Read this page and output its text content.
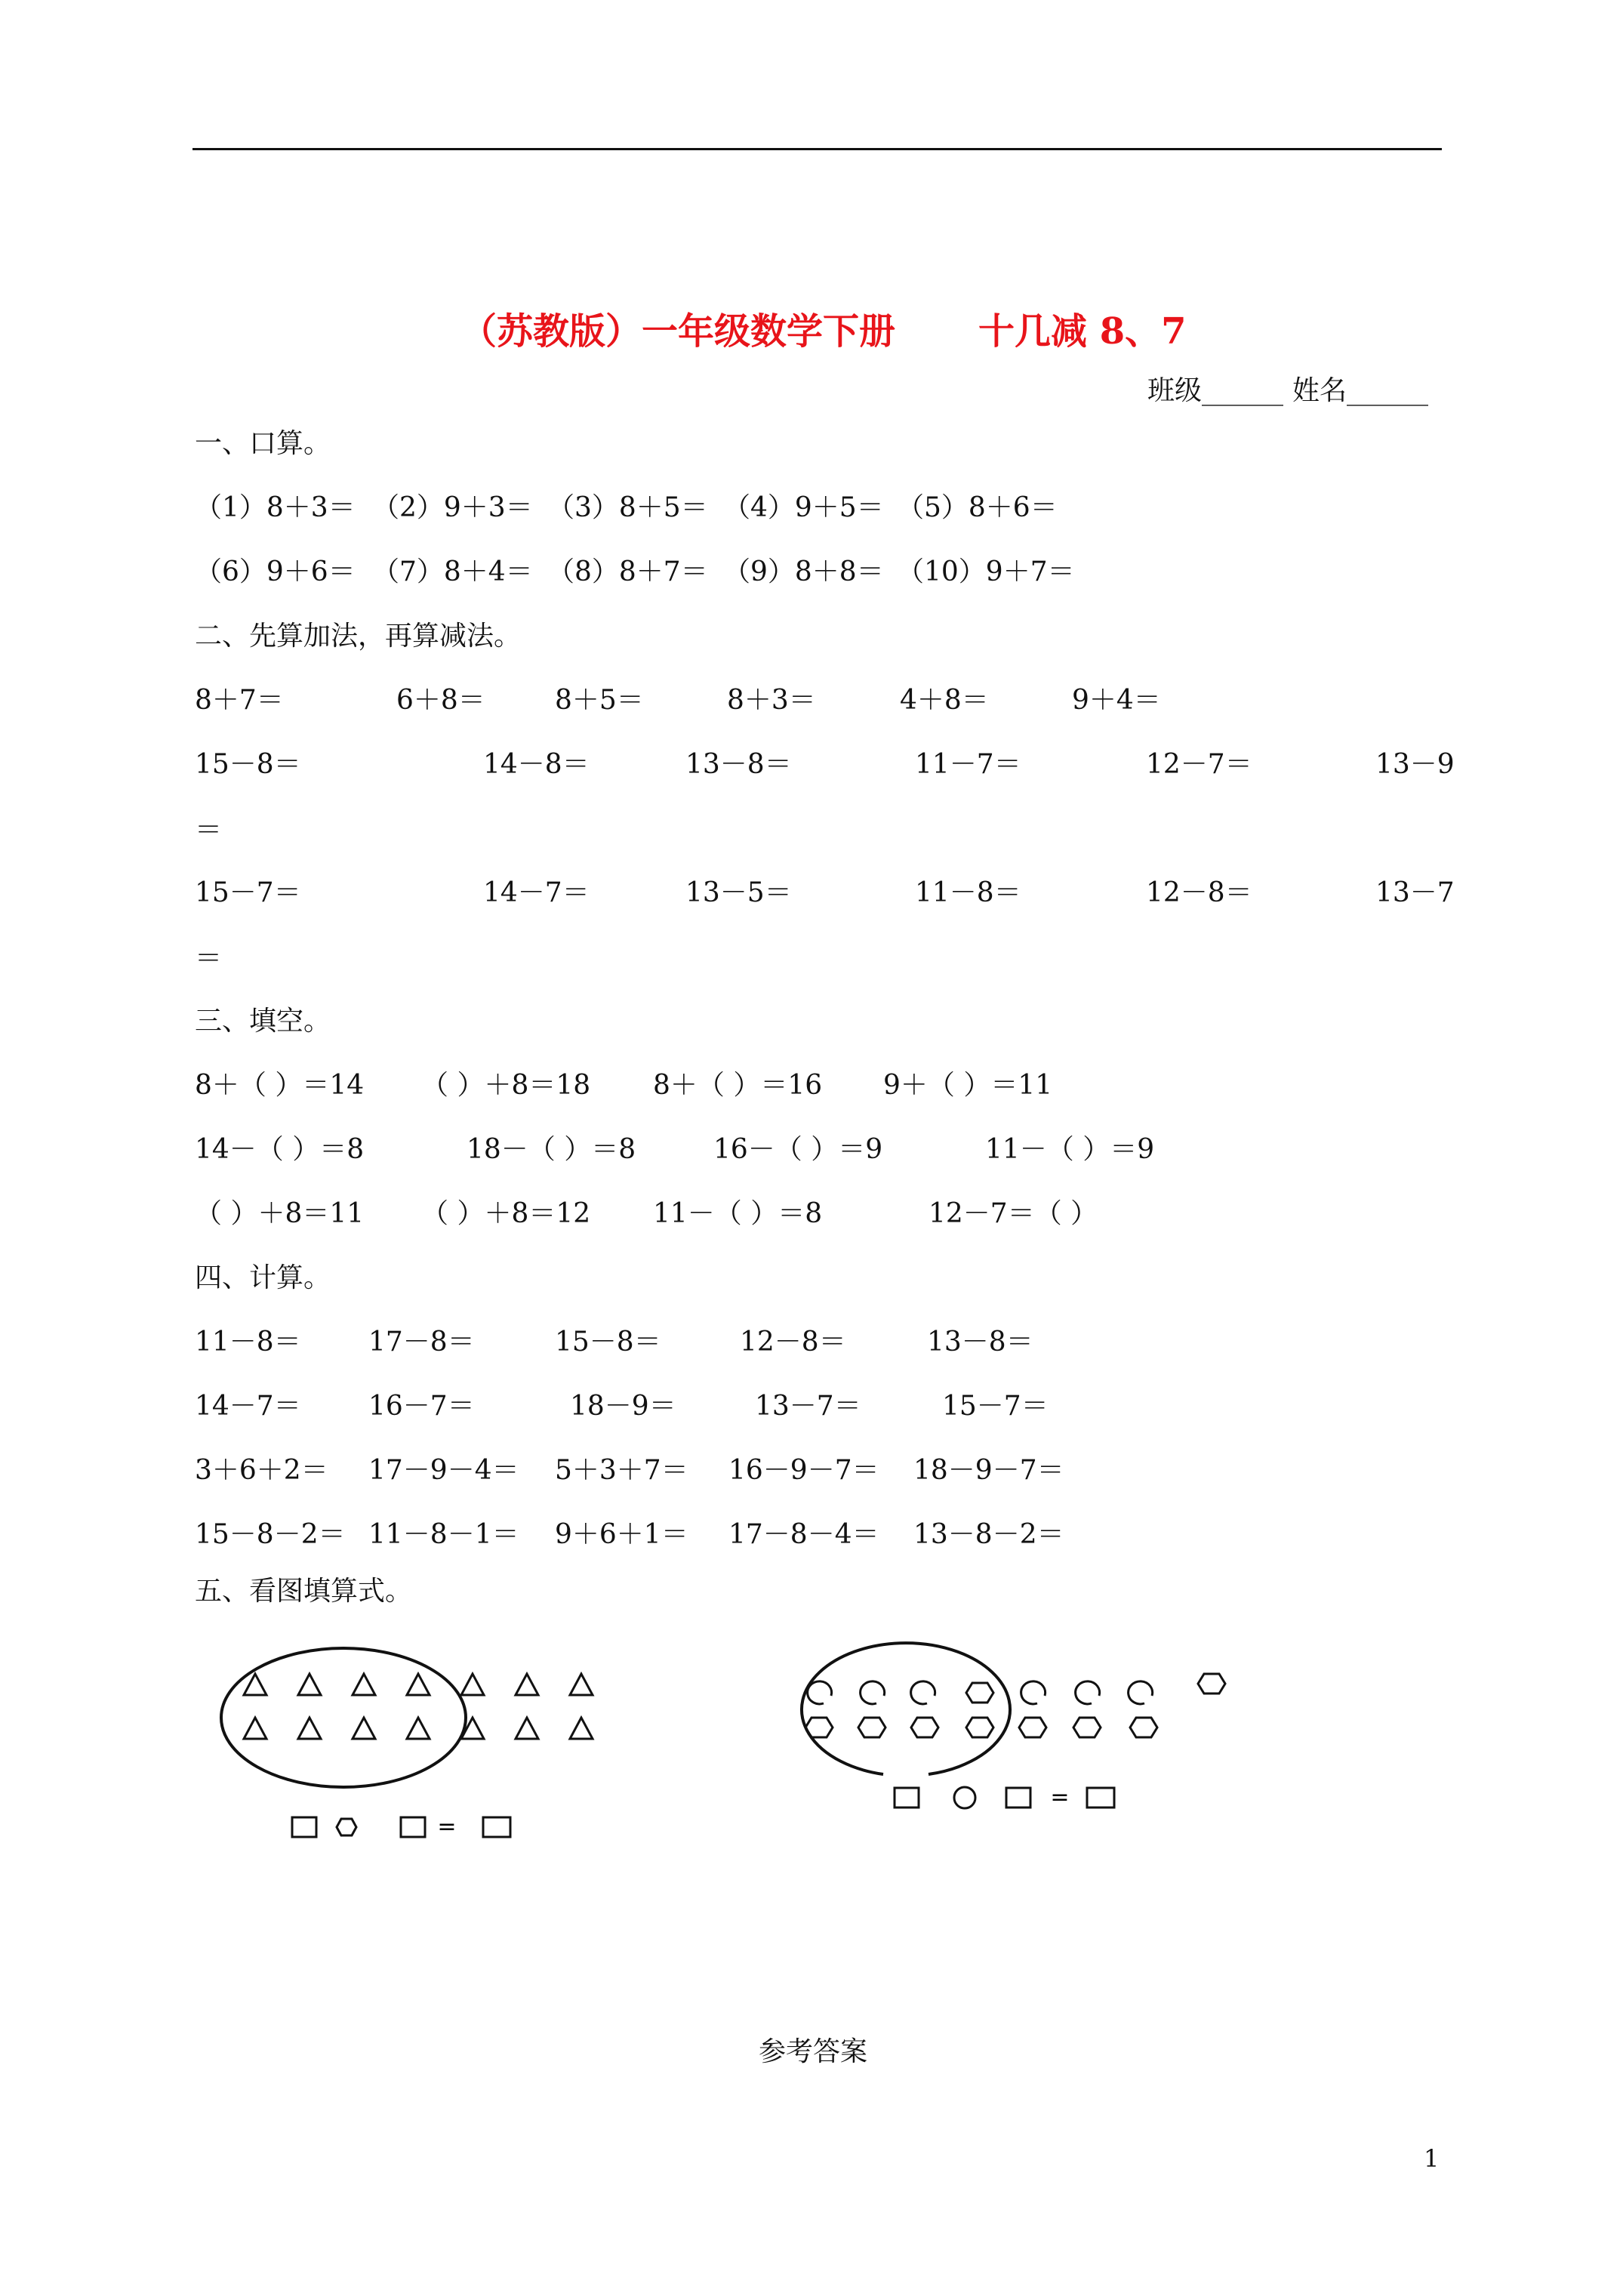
（苏教版）一年级数学下册 十几减 8、7
班级______ 姓名______
一、口算。
（1）8＋3＝ （2）9＋3＝ （3）8＋5＝ （4）9＋5＝ （5）8＋6＝
（6）9＋6＝ （7）8＋4＝ （8）8＋7＝ （9）8＋8＝ （10）9＋7＝
二、先算加法，再算减法。
8＋7＝	6＋8＝	8＋5＝	8＋3＝	4＋8＝	9＋4＝
15－8＝	14－8＝	13－8＝	11－7＝	12－7＝	13－9
＝
15－7＝	14－7＝	13－5＝	11－8＝	12－8＝	13－7
＝
三、填空。
8＋（ ）＝14 （ ）＋8＝18 8＋（ ）＝16 9＋（ ）＝11
14－（ ）＝8	18－（ ）＝8	16－（ ）＝9	11－（ ）＝9
（ ）＋8＝11 （ ）＋8＝12 11－（ ）＝8	12－7＝（ ）
四、计算。
11－8＝ 17－8＝	15－8＝	12－8＝	13－8＝
14－7＝ 16－7＝	18－9＝	13－7＝	15－7＝
3＋6＋2＝ 17－9－4＝ 5＋3＋7＝ 16－9－7＝ 18－9－7＝
15－8－2＝ 11－8－1＝ 9＋6＋1＝ 17－8－4＝ 13－8－2＝
五、看图填算式。
=
=
参考答案
1
